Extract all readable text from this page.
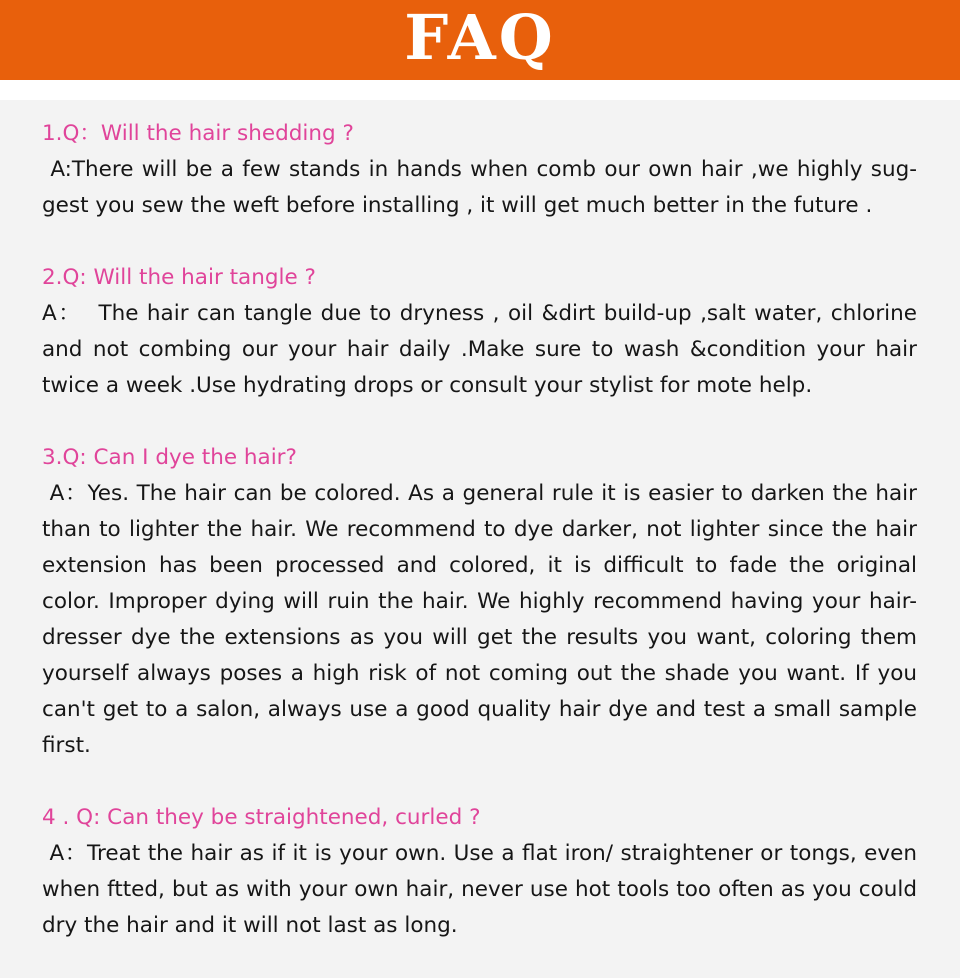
FAQ
1.Q：Will the hair shedding ?
A:There will be a few stands in hands when comb our own hair ,we highly sug-gest you sew the weft before installing , it will get much better in the future .
2.Q: Will the hair tangle ?
A：  The hair can tangle due to dryness , oil &dirt build-up ,salt water, chlorine and not combing our your hair daily .Make sure to wash &condition your hair twice a week .Use hydrating drops or consult your stylist for mote help.
3.Q: Can I dye the hair?
A：Yes. The hair can be colored. As a general rule it is easier to darken the hair than to lighter the hair. We recommend to dye darker, not lighter since the hair extension has been processed and colored, it is difficult to fade the original color. Improper dying will ruin the hair. We highly recommend having your hair-dresser dye the extensions as you will get the results you want, coloring them yourself always poses a high risk of not coming out the shade you want. If you can't get to a salon, always use a good quality hair dye and test a small sample first.
4 . Q: Can they be straightened, curled ?
A：Treat the hair as if it is your own. Use a flat iron/ straightener or tongs, even when ftted, but as with your own hair, never use hot tools too often as you could dry the hair and it will not last as long.
